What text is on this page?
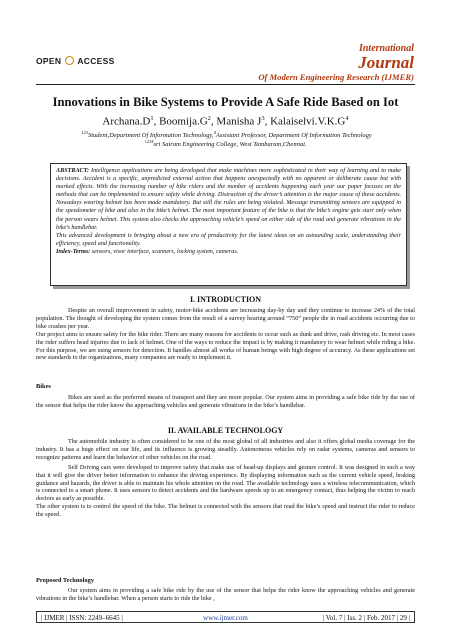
OPEN ACCESS
International
Journal
Of Modern Engineering Research (IJMER)
Innovations in Bike Systems to Provide A Safe Ride Based on Iot
$Archana.D^1$, $Boomija.G^2$, Manisha $J^3$, $Kalaiselvi.V.K.G^4$
$^{123}$Student,Department Of Information Technology,$^4$Assistant Professor, Department Of Information Technology
$^{1234}$sri Sairam Engineering College, West Tambaram,Chennai.

ABSTRACT: Intelligence applications are being developed that make machines more sophisticated in their way of learning and to make decisions. Accident is a specific, unpredicted external action that happens unexpectedly with no apparent or deliberate cause but with marked effects. With the increasing number of bike riders and the number of accidents happening each year our paper focuses on the methods that can be implemented to ensure safety while driving. Distraction of the driver’s attention is the major cause of these accidents. Nowadays wearing helmet has been made mandatory. But still the rules are being violated. Message transmitting sensors are equipped in the speedometer of bike and also in the bike’s helmet. The most important feature of the bike is that the bike’s engine gets start only when the person wears helmet. This system also checks the approaching vehicle’s speed on either side of the road and generate vibrations in the bike’s handlebar.

This advanced development is bringing about a new era of productivity for the latest ideas on an astounding scale, understanding their efficiency, speed and functionality.

Index-Terms: sensors, visor interface, scanners, locking system, cameras.

I. INTRODUCTION

Despite an overall improvement in safety, motor-bike accidents are increasing day-by day and they continue to increase 24% of the total population. The thought of developing the system comes from the result of a survey hearing around “750” people die in road accidents occurring due to bike crashes per year.

Our project aims to ensure safety for the bike rider. There are many reasons for accidents to occur such as dunk and drive, rash driving etc. In most cases the rider suffers head injuries due to lack of helmet. One of the ways to reduce the impact is by making it mandatory to wear helmet while riding a bike. For this purpose, we are using sensors for detection. It handles almost all works of human beings with high degree of accuracy. As these applications set new standards to the organizations, many companies are ready to implement it.

Bikes

Bikes are used as the preferred means of transport and they are more popular. Our system aims in providing a safe bike ride by the use of the sensor that helps the rider know the approaching vehicles and generate vibrations in the bike’s handlebar.

II. AVAILABLE TECHNOLOGY

The automobile industry is often considered to be one of the most global of all industries and also it offers global media coverage for the industry. It has a huge effect on our life, and its influence is growing steadily. Autonomous vehicles rely on radar systems, cameras and sensors to recognize patterns and learn the behavior of other vehicles on the road.

Self Driving cars were developed to improve safety that make use of head-up displays and gesture control. It was designed in such a way that it will give the driver better information to enhance the driving experience. By displaying information such as the current vehicle speed, braking guidance and hazards, the driver is able to maintain his whole attention on the road. The available technology uses a wireless telecommunication, which is connected to a smart phone. It uses sensors to detect accidents and the hardware speeds up to an emergency contact, thus helping the victim to reach doctors as early as possible.

The other system is to control the speed of the bike. The helmet is connected with the sensors that read the bike’s speed and instruct the rider to reduce the speed.

Proposed Technology

Our system aims in providing a safe bike ride by the use of the sensor that helps the rider know the approaching vehicles and generate vibrations in the bike’s handlebar. When a person starts to ride the bike ,

| IJMER | ISSN: 2249–6645 |	www.ijmer.com	| Vol. 7 | Iss. 2 | Feb. 2017 | 29 |
